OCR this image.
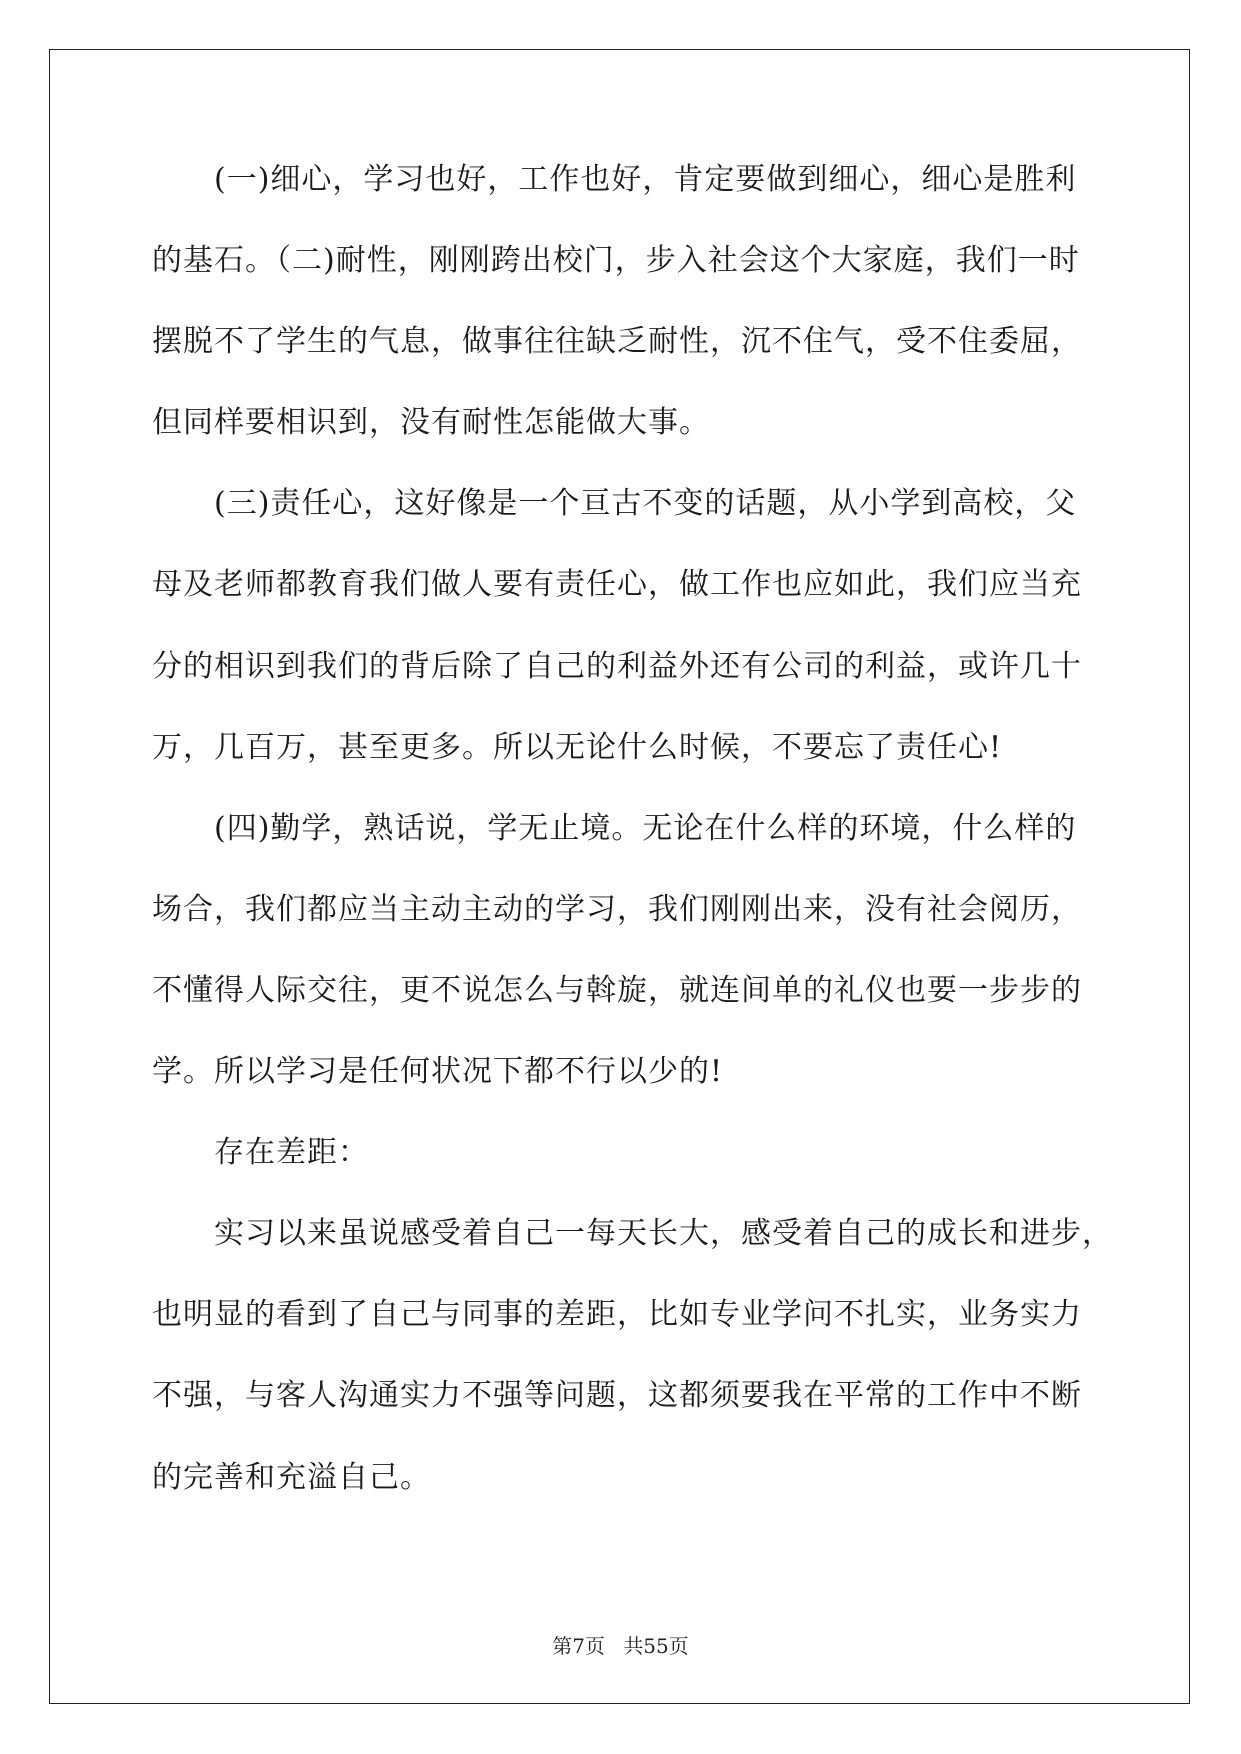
　　(一)细心，学习也好，工作也好，肯定要做到细心，细心是胜利
的基石。（二)耐性，刚刚跨出校门，步入社会这个大家庭，我们一时
摆脱不了学生的气息，做事往往缺乏耐性，沉不住气，受不住委屈，
但同样要相识到，没有耐性怎能做大事。
　　(三)责任心，这好像是一个亘古不变的话题，从小学到高校，父
母及老师都教育我们做人要有责任心，做工作也应如此，我们应当充
分的相识到我们的背后除了自己的利益外还有公司的利益，或许几十
万，几百万，甚至更多。所以无论什么时候，不要忘了责任心!
　　(四)勤学，熟话说，学无止境。无论在什么样的环境，什么样的
场合，我们都应当主动主动的学习，我们刚刚出来，没有社会阅历，
不懂得人际交往，更不说怎么与斡旋，就连间单的礼仪也要一步步的
学。所以学习是任何状况下都不行以少的!
　　存在差距：
　　实习以来虽说感受着自己一每天长大，感受着自己的成长和进步，
也明显的看到了自己与同事的差距，比如专业学问不扎实，业务实力
不强，与客人沟通实力不强等问题，这都须要我在平常的工作中不断
的完善和充溢自己。
第7页 共55页
